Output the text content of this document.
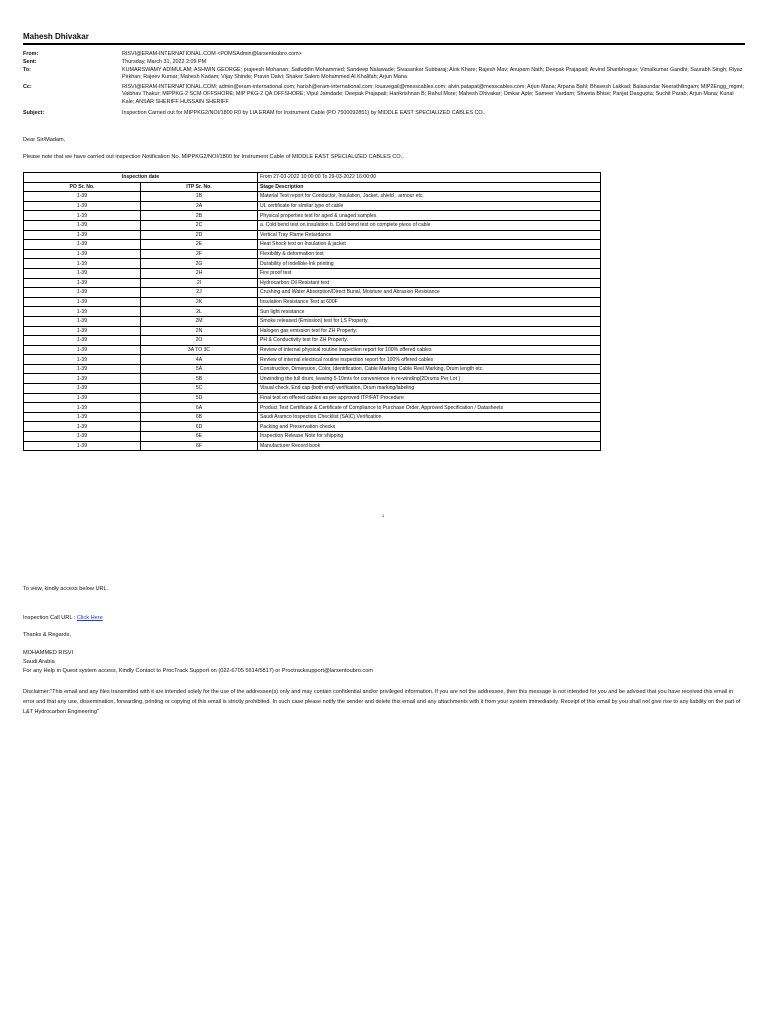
Mahesh Dhivakar
From:	RISVI@ERAM-INTERNATIONAL.COM <POMSAdmin@larsentoubro.com>
Sent:	Thursday, March 31, 2022 2:09 PM
To:	KUMARSWAMY ADIMULAM; ASHWIN GEORGE; prajeesh Mohanan; Saifuddin Mohammed; Sandeep Nalawade; Sivasankar Subbaraj; Alok Khare; Rajesh Mav; Anupam Nath; Deepak Prajapati; Arvind Shanbhogue; Vimalkumar Gandhi; Saurabh Singh; Riyaz Pirkhan; Rajeev Kumar; Mahesh Kadam; Vijay Shinde; Pravin Dalvi; Shaker Salem Mohammed Al Khalifah; Arjun Mana
Cc:	RISVI@ERAM-INTERNATIONAL.COM; admin@eram-international.com; harish@eram-international.com; louavegail@messcables.com; alvin.patapat@messcables.com; Arjun Mana; Arpana Bahl; Bhavesh Lakkad; Balasundar Neerathilingam; MIP2Engg_mgmt; Vaibhav Thakur; MIPPKG-2 SCM OFFSHORE; MIP PKG-2 QA OFFSHORE; Vipul Jamdade; Deepak Prajapati; Harikrishnan B; Rahul More; Mahesh Dhivakar; Omkar Apte; Sameer Vardam; Shweta Bhise; Parijat Dasgupta; Suchit Parab; Arjun Mana; Kunal Kale; ANSAR SHERIFF HUSSAIN SHERIFF
Subject:	Inspection Carried out for MIPPKG2/NOI/1800 R0 by LIA ERAM for Instrument Cable (PO 7500092851) by MIDDLE EAST SPECIALIZED CABLES CO..
Dear Sir/Madam,
Please note that we have carried out inspection Notification No. MIPPKG2/NOI/1800 for Instrument Cable of MIDDLE EAST SPECIALIZED CABLES CO..
Inspection date		From 27-03-2022 10:00:00 To 29-03-2022 16:00:00
PO Sr. No.	ITP Sr. No.	Stage Description
1-39	1B	Material Test report for Conductor, Insulation, Jacket, shield , armour etc.
1-39	2A	UL certificate for similar type of cable
1-39	2B	Physical properties test for aged & unaged samples
1-39	2C	a. Cold bend test on insulation b. Cold bend test on complete piece of cable
1-39	2D	Vertical Tray Flame Retardance
1-39	2E	Heat Shock test on Insulation & jacket
1-39	2F	Flexibility & deformation test
1-39	2G	Durability of indelible-Ink printing
1-39	2H	Fire proof test
1-39	2I	Hydrocarbon Oil Resistant test
1-39	2J	Crushing and Water Absorption/Direct Burial, Moisture and Abrasion Resistance
1-39	2K	Insulation Resistance Test at 600F
1-39	2L	Sun light resistance
1-39	2M	Smoke released (Emission) test for LS Property.
1-39	2N	Halogen gas emission test for ZH Property.
1-39	2O	PH & Conductivity test for ZH Property.
1-39	3A TO 3C	Review of internal physical routine inspection report for 100% offered cables
1-39	4A	Review of internal electrical routine inspection report for 100% offered cables
1-39	5A	Construction, Dimension, Color, Identification, Cable Marking Cable Reel Marking, Drum length etc.
1-39	5B	Unwinding the full drum, leaving 5-10mts for convenience in re-winding(2Drums Per Lot )
1-39	5C	Visual check, End cap (both end) verification, Drum marking/labeling
1-39	5D	Final test on offered cables as per approved ITP/FAT Procedure
1-39	6A	Product Test Certificate & Certificate of Compliance to Purchase Order, Approved Specification / Datasheets
1-39	6B	Saudi Aramco Inspection Checklist (SAIC) Verification
1-39	6D	Packing and Preservation checks
1-39	6E	Inspection Release Note for shipping
1-39	6F	Manufacturer Record book
1
To view, kindly access below URL.
Inspection Call URL : Click Here
Thanks & Regards,
MOHAMMED RISVI
Saudi Arabia
For any Help in Quest system access, Kindly Contact to ProcTrack Support on (022-6705 5614/5817) or Proctracksupport@larsentoubro.com
Disclaimer:"This email and any files transmitted with it are intended solely for the use of the addressee(s) only and may contain confidential and/or privileged information. If you are not the addressee, then this message is not intended for you and be advised that you have received this email in error and that any use, dissemination, forwarding, printing or copying of this email is strictly prohibited. In such case please notify the sender and delete this email and any attachments with it from your system immediately. Receipt of this email by you shall not give rise to any liability on the part of L&T Hydrocarbon Engineering"
